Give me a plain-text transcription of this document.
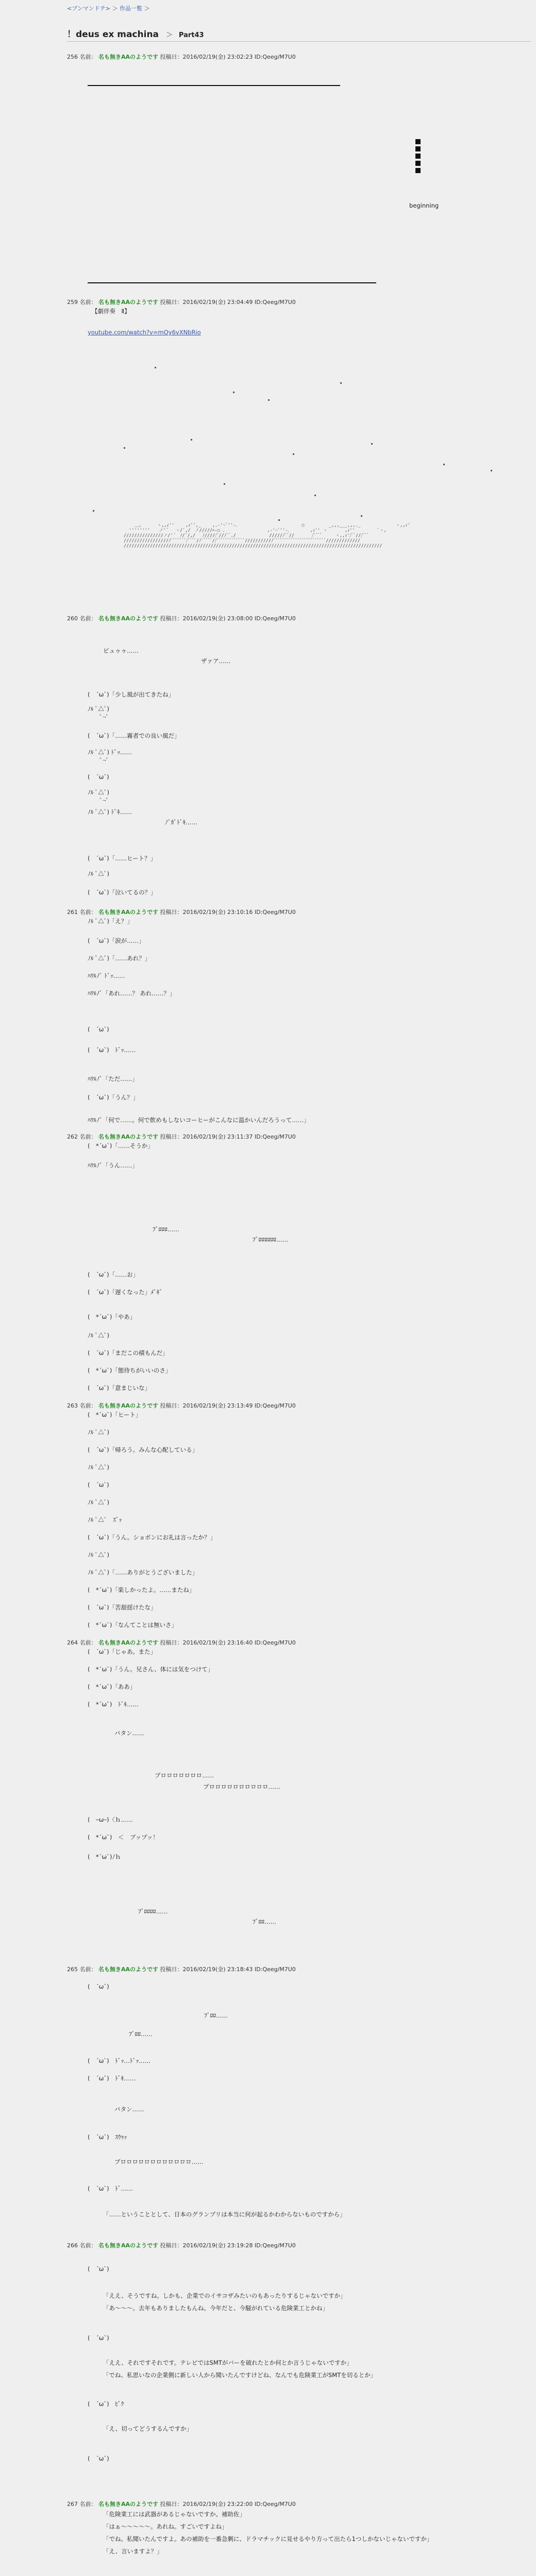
<ブンマンドテ> ＞ 作品一覧 ＞
！deus ex machina ＞ Part43
256 名前： 名も無きAAのようです 投稿日：2016/02/19(金) 23:02:23 ID:Qeeg/M7U0
beginning
259 名前： 名も無きAAのようです 投稿日：2016/02/19(金) 23:04:49 ID:Qeeg/M7U0
【劇伴奏　Ⅱ】
youtube.com/watch?v=mOy6vXNbRio
＿,　　　 ヽ,,ｨ''　　 ,ｨ'',_　　 ,.-'~ﾞ''-､　　　　　　　　　　　　　　 ○　　　　　 _,,,___,,,._　　　　　　　　ヽ,,ｨ'
''''''''　　ノ'´　 ヽ/`,/　ノ/////ﾍ-○ .　　　　　　　　　 ,-'~ﾞ''-､　　　　 ,ｨ'' ヽ　　　　,ｨ''　　　　　`ヽ,
///////////////ノ/'´　ﾉ/`/,/　 ﾉ/////ﾞ//ﾉﾞﾞ./　　　　　　　 /////ﾉﾞﾞ//　　　　/ﾞﾞﾞﾞ　　　ヽ,,ｨ'/ﾞﾞ///ﾞﾞﾞ　
/////////////////ﾉﾞﾞﾞﾞﾞﾞﾞ/ﾞﾞﾞﾞ/ﾉﾞﾞﾞﾞﾞ//ﾞﾞﾞﾞﾞﾞﾞﾞﾞﾞﾞﾞﾞ//////////ﾉﾞﾞﾞﾞﾞﾞﾞﾞﾞﾞﾞﾞﾞﾞﾞﾞﾞﾞﾞﾞﾞﾞﾞﾞ/////////////
//////////////////////////////////////////////////////////////////////////////////////////////////
260 名前： 名も無きAAのようです 投稿日：2016/02/19(金) 23:08:00 ID:Qeeg/M7U0
ビュゥゥ……
ザァア……
(　´ω`)「少し風が出てきたね」
ﾉﾙ ﾟ△ﾟ)
　　ﾟ¬ﾟ
(　´ω`)「……霧者での良い風だ」
ﾉﾙ ﾟ△ﾟ) ﾄﾞｯ……
　　ﾟ¬ﾟ
(　´ω`)
ﾉﾙ ﾟ△ﾟ)
　　ﾟ¬ﾟ
ﾉﾙ ﾟ△ﾟ) ﾄﾞｷ……
ﾉﾞｶﾞﾄﾞｷ……
(　´ω`)「……ヒート？」
ﾉﾙ ﾟ△ﾟ)
(　´ω`)「泣いてるの？」
261 名前： 名も無きAAのようです 投稿日：2016/02/19(金) 23:10:16 ID:Qeeg/M7U0
ﾉﾙ ﾟ△ﾟ)「え？」
(　´ω`)「涙が……」
ﾉﾙ ﾟ△ﾟ)「……あれ？」
ﾊﾜﾙﾉﾞ ﾄﾞｯ……
ﾊﾜﾙﾉﾞ「あれ……？ あれ……？」
(　´ω`)
(　´ω`)　ﾄﾞｯ……
ﾊﾜﾙﾉﾞ「ただ……」
(　´ω`)「うん？」
ﾊﾜﾙﾉﾞ「何で……。何で飲めもしないコーヒーがこんなに温かいんだろうって……」
262 名前： 名も無きAAのようです 投稿日：2016/02/19(金) 23:11:37 ID:Qeeg/M7U0
(　*´ω`)「……そうか」
ﾊﾜﾙﾉﾞ「うん……」
ﾌﾞﾛﾛﾛ……
ﾌﾞﾛﾛﾛﾛﾛﾛ……
(　´ω`)「……お」
(　´ω`)「遅くなった」ﾒﾞｷﾞ
(　*´ω`)「やあ」
ﾉﾙ ﾟ△ﾟ)
(　´ω`)「まだこの積もんだ」
(　*´ω`)「態待ちがいいのさ」
(　´ω`)「意まじいな」
263 名前： 名も無きAAのようです 投稿日：2016/02/19(金) 23:13:49 ID:Qeeg/M7U0
(　*´ω`)「ヒート」
ﾉﾙ ﾟ△ﾟ)
(　´ω`)「帰ろう。みんな心配している」
ﾉﾙ ﾟ△ﾟ)
(　´ω`)
ﾉﾙ ﾟ△ﾟ)
ﾉﾙ ﾟ△ﾟ　ｽﾞｯ
(　´ω`)「うん。ショボンにお礼は言ったか？」
ﾉﾙ ﾟ△ﾟ)
ﾉﾙ ﾟ△ﾟ)「……ありがとうございました」
(　*´ω`)「楽しかったよ。……またね」
(　´ω`)「苦甜揺けたな」
(　*´ω`)「なんてことは無いさ」
264 名前： 名も無きAAのようです 投稿日：2016/02/19(金) 23:16:40 ID:Qeeg/M7U0
(　´ω`)「じゃあ。また」
(　*´ω`)「うん。兄さん、体には気をつけて」
(　*´ω`)「ああ」
(　*´ω`)　ﾄﾞｷ……
バタン……
ブロロロロロロロ……
ブロロロロロロロロロロ……
(　ｰωｰ)〈ｈ……
(　*´ω`)　＜　ブップッ！
(　*´ω`)ﾉｈ
ﾌﾞﾛﾛﾛﾛ……
ﾌﾞﾛﾛ……
265 名前： 名も無きAAのようです 投稿日：2016/02/19(金) 23:18:43 ID:Qeeg/M7U0
(　´ω`)
ﾌﾞﾛﾛ……
ﾌﾞﾛﾛ……
(　´ω`)　ﾄﾞｯ…ﾄﾞｯ……
(　´ω`)　ﾄﾞｷ……
バタン……
(　´ω`)　ｽｳｩｯ
ブロロロロロロロロロロロロ……
(　´ω`)　ﾄﾞ……
「……ということとして、日本のグランプリは本当に何が起るかわからないものですから」
266 名前： 名も無きAAのようです 投稿日：2016/02/19(金) 23:19:28 ID:Qeeg/M7U0
(　´ω`)
「ええ、そうですね。しかも、企業でのイサコザみたいのもあったりするじゃないですか」
「あ〜〜〜。去年もありましたもんね。今年だと、今騒がれている危険業工とかね」
(　´ω`)
「ええ、それですそれです。テレビではSMTがバーを破れたとか何とか言うじゃないですか」
「でね、私思いなの企業側に新しい人から聞いたんですけどね、なんでも危険業工がSMTを切るとか」
(　´ω`)　ﾋﾞｸ
「え、切ってどうするんですか」
(　´ω`)
267 名前： 名も無きAAのようです 投稿日：2016/02/19(金) 23:22:00 ID:Qeeg/M7U0
「危険業工には武器があるじゃないですか。補助佐」
「はぁ〜〜〜〜〜。あれね。すごいですよね」
「でね。私聞いたんですよ。あの補助を一番急剰に、ドラマチックに見せるやり方って出たら1つしかないじゃないですか」
「え、言いますよ？」
